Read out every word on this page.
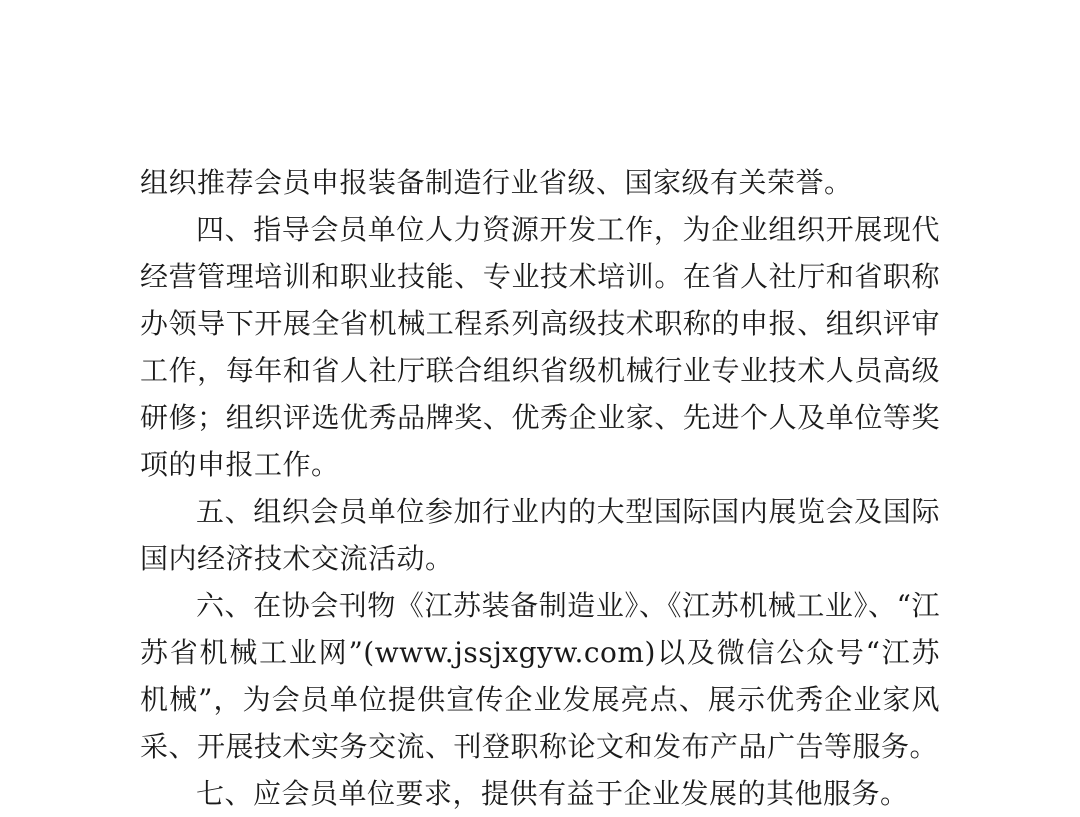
组织推荐会员申报装备制造行业省级、国家级有关荣誉。

四、指导会员单位人力资源开发工作，为企业组织开展现代经营管理培训和职业技能、专业技术培训。在省人社厅和省职称办领导下开展全省机械工程系列高级技术职称的申报、组织评审工作，每年和省人社厅联合组织省级机械行业专业技术人员高级研修；组织评选优秀品牌奖、优秀企业家、先进个人及单位等奖项的申报工作。

五、组织会员单位参加行业内的大型国际国内展览会及国际国内经济技术交流活动。

六、在协会刊物《江苏装备制造业》、《江苏机械工业》、“江苏省机械工业网”(www.jssjxgyw.com)以及微信公众号“江苏机械”，为会员单位提供宣传企业发展亮点、展示优秀企业家风采、开展技术实务交流、刊登职称论文和发布产品广告等服务。

七、应会员单位要求，提供有益于企业发展的其他服务。
